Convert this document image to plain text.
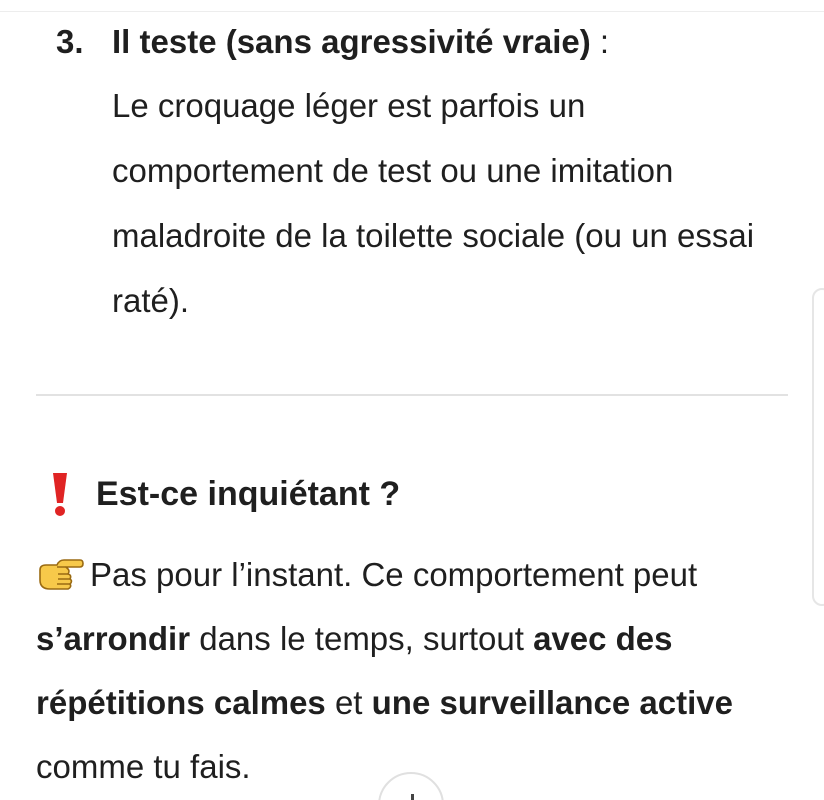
3. Il teste (sans agressivité vraie) :
Le croquage léger est parfois un comportement de test ou une imitation maladroite de la toilette sociale (ou un essai raté).
Est-ce inquiétant ?
Pas pour l’instant. Ce comportement peut s’arrondir dans le temps, surtout avec des répétitions calmes et une surveillance active comme tu fais.
